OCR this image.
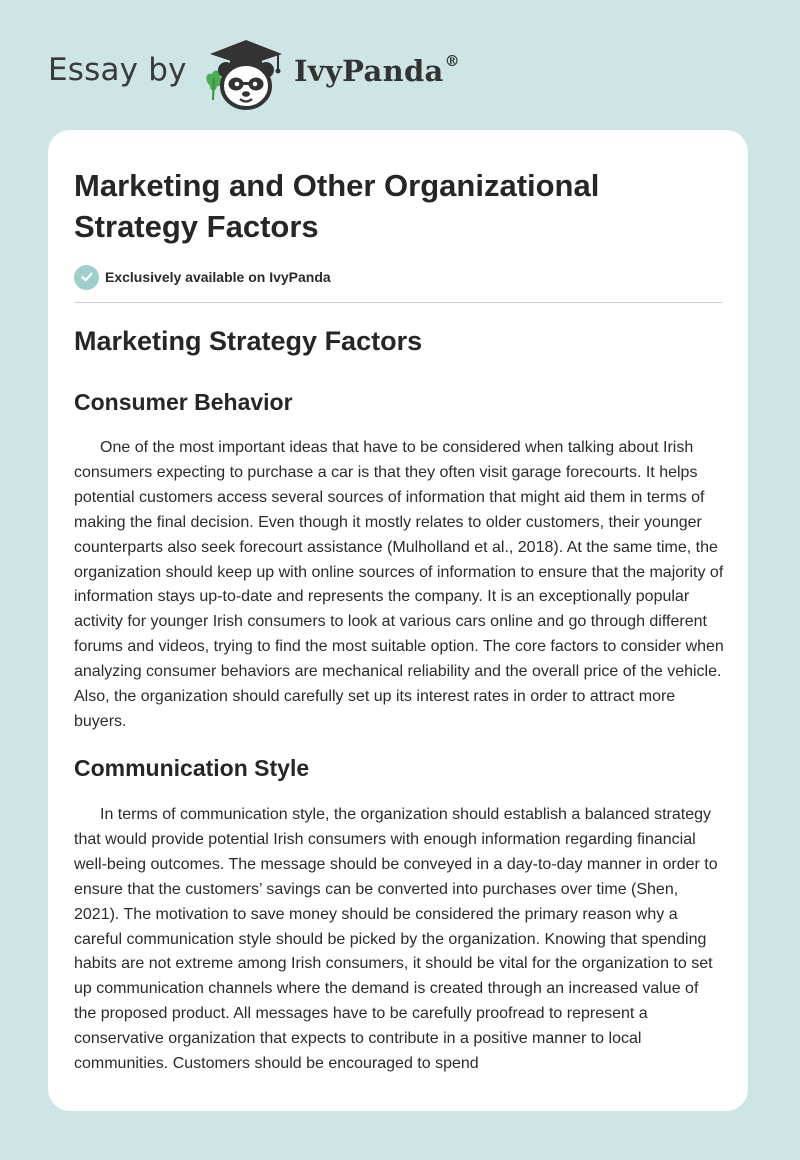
Essay by	IvyPanda®
Marketing and Other Organizational Strategy Factors
Exclusively available on IvyPanda
Marketing Strategy Factors
Consumer Behavior

One of the most important ideas that have to be considered when talking about Irish consumers expecting to purchase a car is that they often visit garage forecourts. It helps potential customers access several sources of information that might aid them in terms of making the final decision. Even though it mostly relates to older customers, their younger counterparts also seek forecourt assistance (Mulholland et al., 2018). At the same time, the organization should keep up with online sources of information to ensure that the majority of information stays up-to-date and represents the company. It is an exceptionally popular activity for younger Irish consumers to look at various cars online and go through different forums and videos, trying to find the most suitable option. The core factors to consider when analyzing consumer behaviors are mechanical reliability and the overall price of the vehicle. Also, the organization should carefully set up its interest rates in order to attract more buyers.

Communication Style

In terms of communication style, the organization should establish a balanced strategy that would provide potential Irish consumers with enough information regarding financial well-being outcomes. The message should be conveyed in a day-to-day manner in order to ensure that the customers’ savings can be converted into purchases over time (Shen, 2021). The motivation to save money should be considered the primary reason why a careful communication style should be picked by the organization. Knowing that spending habits are not extreme among Irish consumers, it should be vital for the organization to set up communication channels where the demand is created through an increased value of the proposed product. All messages have to be carefully proofread to represent a conservative organization that expects to contribute in a positive manner to local communities. Customers should be encouraged to spend
